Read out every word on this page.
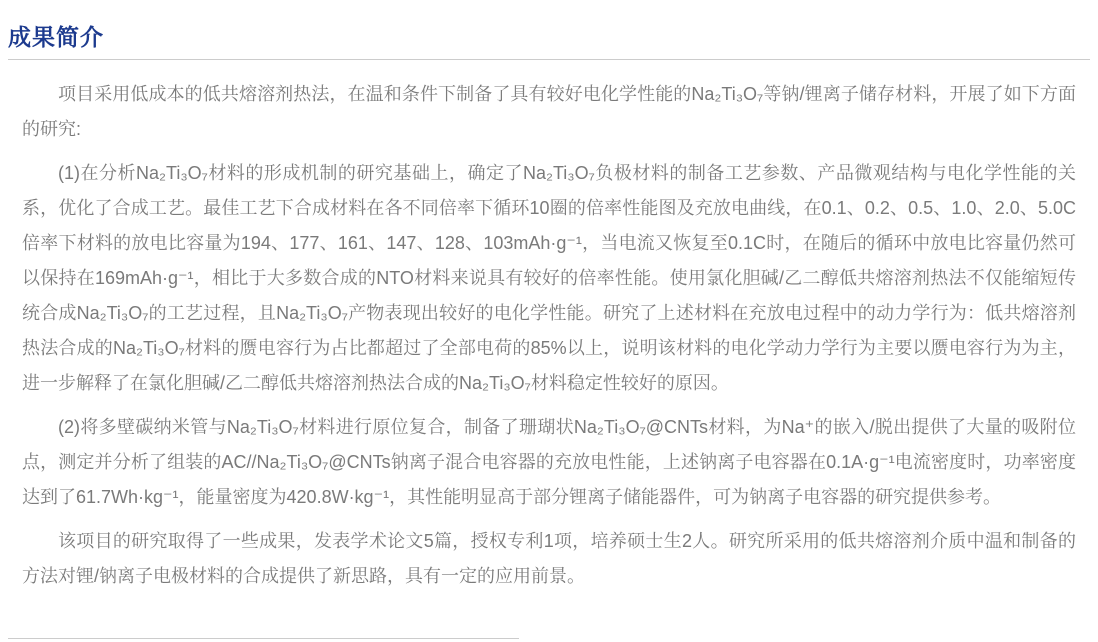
成果简介

项目采用低成本的低共熔溶剂热法，在温和条件下制备了具有较好电化学性能的Na₂Ti₃O₇等钠/锂离子储存材料，开展了如下方面的研究:

(1)在分析Na₂Ti₃O₇材料的形成机制的研究基础上，确定了Na₂Ti₃O₇负极材料的制备工艺参数、产品微观结构与电化学性能的关系，优化了合成工艺。最佳工艺下合成材料在各不同倍率下循环10圈的倍率性能图及充放电曲线，在0.1、0.2、0.5、1.0、2.0、5.0C倍率下材料的放电比容量为194、177、161、147、128、103mAh·g⁻¹，当电流又恢复至0.1C时，在随后的循环中放电比容量仍然可以保持在169mAh·g⁻¹，相比于大多数合成的NTO材料来说具有较好的倍率性能。使用氯化胆碱/乙二醇低共熔溶剂热法不仅能缩短传统合成Na₂Ti₃O₇的工艺过程，且Na₂Ti₃O₇产物表现出较好的电化学性能。研究了上述材料在充放电过程中的动力学行为：低共熔溶剂热法合成的Na₂Ti₃O₇材料的赝电容行为占比都超过了全部电荷的85%以上，说明该材料的电化学动力学行为主要以赝电容行为为主，进一步解释了在氯化胆碱/乙二醇低共熔溶剂热法合成的Na₂Ti₃O₇材料稳定性较好的原因。

(2)将多壁碳纳米管与Na₂Ti₃O₇材料进行原位复合，制备了珊瑚状Na₂Ti₃O₇@CNTs材料，为Na⁺的嵌入/脱出提供了大量的吸附位点，测定并分析了组装的AC//Na₂Ti₃O₇@CNTs钠离子混合电容器的充放电性能，上述钠离子电容器在0.1A·g⁻¹电流密度时，功率密度达到了61.7Wh·kg⁻¹，能量密度为420.8W·kg⁻¹，其性能明显高于部分锂离子储能器件，可为钠离子电容器的研究提供参考。

该项目的研究取得了一些成果，发表学术论文5篇，授权专利1项，培养硕士生2人。研究所采用的低共熔溶剂介质中温和制备的方法对锂/钠离子电极材料的合成提供了新思路，具有一定的应用前景。
